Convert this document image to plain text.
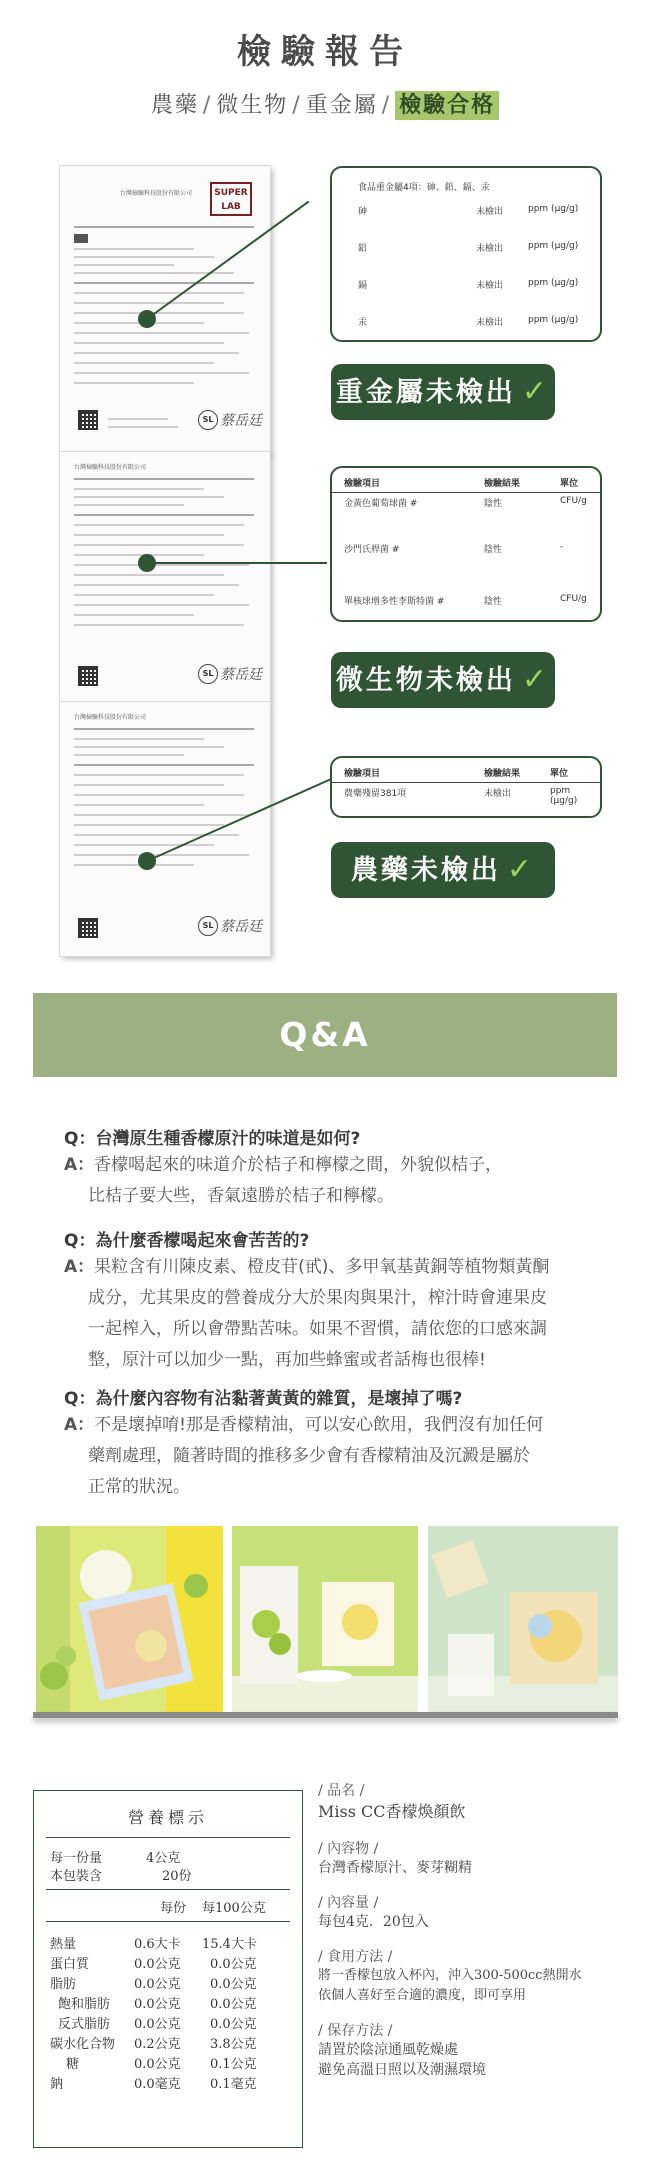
檢驗報告
農藥 / 微生物 / 重金屬 / 檢驗合格
SUPER LAB
台灣檢驗科技股份有限公司

SL 蔡岳廷
台灣檢驗科技股份有限公司
SL 蔡岳廷
台灣檢驗科技股份有限公司
SL 蔡岳廷
食品重金屬4項：砷、鉛、鎘、汞
砷	未檢出	ppm (μg/g)
鉛	未檢出	ppm (μg/g)
鎘	未檢出	ppm (μg/g)
汞	未檢出	ppm (μg/g)
重金屬未檢出 ✓
檢驗項目	檢驗結果	單位
金黃色葡萄球菌 #	陰性	CFU/g
沙門氏桿菌 #	陰性	-
單核球增多性李斯特菌 #	陰性	CFU/g
微生物未檢出 ✓
檢驗項目	檢驗結果	單位
農藥殘留381項	未檢出	ppm (μg/g)
農藥未檢出 ✓
Q&A
Q：台灣原生種香檬原汁的味道是如何?
A：香檬喝起來的味道介於桔子和檸檬之間，外貌似桔子，
比桔子要大些，香氣遠勝於桔子和檸檬。
Q：為什麼香檬喝起來會苦苦的?
A：果粒含有川陳皮素、橙皮苷(甙)、多甲氧基黃銅等植物類黃酮
成分，尤其果皮的營養成分大於果肉與果汁，榨汁時會連果皮
一起榨入，所以會帶點苦味。如果不習慣，請依您的口感來調
整，原汁可以加少一點，再加些蜂蜜或者話梅也很棒!
Q：為什麼內容物有沾黏著黃黃的雜質，是壞掉了嗎?
A：不是壞掉唷!那是香檬精油，可以安心飲用，我們沒有加任何
藥劑處理，隨著時間的推移多少會有香檬精油及沉澱是屬於
正常的狀況。
營養標示
每一份量	4公克
本包裝含	20份
每份 每100公克
熱量	0.6大卡 15.4大卡
蛋白質	0.0公克 0.0公克
脂肪	0.0公克 0.0公克
飽和脂肪 0.0公克 0.0公克
反式脂肪 0.0公克 0.0公克
碳水化合物 0.2公克 3.8公克
糖	0.0公克 0.1公克
鈉	0.0毫克 0.1毫克
/ 品名 /
Miss CC香檬煥顏飲
/ 內容物 /
台灣香檬原汁、麥芽糊精
/ 內容量 /
每包4克．20包入
/ 食用方法 /
將一香檬包放入杯內，沖入300-500cc熱開水
依個人喜好至合適的濃度，即可享用
/ 保存方法 /
請置於陰涼通風乾燥處
避免高溫日照以及潮濕環境
